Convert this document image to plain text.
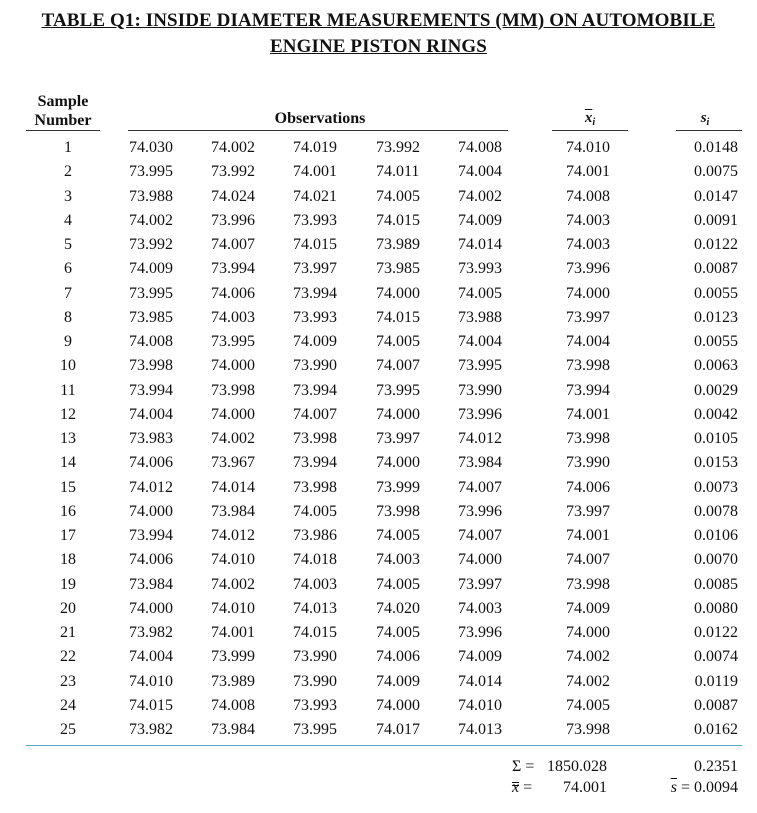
TABLE Q1: INSIDE DIAMETER MEASUREMENTS (MM) ON AUTOMOBILE
ENGINE PISTON RINGS
Sample
Number	Observations	$\overline{x}_i$	$s_i$
1	74.030 74.002 74.019 73.992 74.008	74.010	0.0148
2	73.995 73.992 74.001 74.011 74.004	74.001	0.0075
3	73.988 74.024 74.021 74.005 74.002	74.008	0.0147
4	74.002 73.996 73.993 74.015 74.009	74.003	0.0091
5	73.992 74.007 74.015 73.989 74.014	74.003	0.0122
6	74.009 73.994 73.997 73.985 73.993	73.996	0.0087
7	73.995 74.006 73.994 74.000 74.005	74.000	0.0055
8	73.985 74.003 73.993 74.015 73.988	73.997	0.0123
9	74.008 73.995 74.009 74.005 74.004	74.004	0.0055
10	73.998 74.000 73.990 74.007 73.995	73.998	0.0063
11	73.994 73.998 73.994 73.995 73.990	73.994	0.0029
12	74.004 74.000 74.007 74.000 73.996	74.001	0.0042
13	73.983 74.002 73.998 73.997 74.012	73.998	0.0105
14	74.006 73.967 73.994 74.000 73.984	73.990	0.0153
15	74.012 74.014 73.998 73.999 74.007	74.006	0.0073
16	74.000 73.984 74.005 73.998 73.996	73.997	0.0078
17	73.994 74.012 73.986 74.005 74.007	74.001	0.0106
18	74.006 74.010 74.018 74.003 74.000	74.007	0.0070
19	73.984 74.002 74.003 74.005 73.997	73.998	0.0085
20	74.000 74.010 74.013 74.020 74.003	74.009	0.0080
21	73.982 74.001 74.015 74.005 73.996	74.000	0.0122
22	74.004 73.999 73.990 74.006 74.009	74.002	0.0074
23	74.010 73.989 73.990 74.009 74.014	74.002	0.0119
24	74.015 74.008 73.993 74.000 74.010	74.005	0.0087
25	73.982 73.984 73.995 74.017 74.013	73.998	0.0162
Σ = 1850.028	0.2351
x = 74.001	$\overline{s} = 0.0094$
